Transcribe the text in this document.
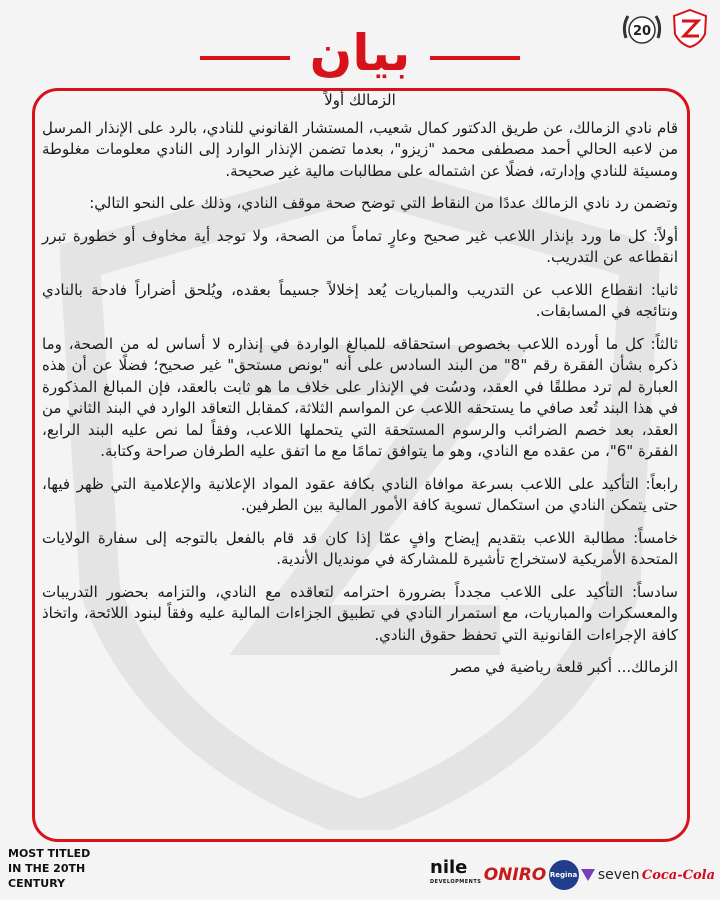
20
بيان

الزمالك أولاً

قام نادي الزمالك، عن طريق الدكتور كمال شعيب، المستشار القانوني للنادي، بالرد على الإنذار المرسل من لاعبه الحالي أحمد مصطفى محمد "زيزو"، بعدما تضمن الإنذار الوارد إلى النادي معلومات مغلوطة ومسيئة للنادي وإدارته، فضلًا عن اشتماله على مطالبات مالية غير صحيحة.

وتضمن رد نادي الزمالك عددًا من النقاط التي توضح صحة موقف النادي، وذلك على النحو التالي:

أولاً: كل ما ورد بإنذار اللاعب غير صحيح وعارٍ تماماً من الصحة، ولا توجد أية مخاوف أو خطورة تبرر انقطاعه عن التدريب.

ثانيا: انقطاع اللاعب عن التدريب والمباريات يُعد إخلالاً جسيماً بعقده، ويُلحق أضراراً فادحة بالنادي ونتائجه في المسابقات.

ثالثاً: كل ما أورده اللاعب بخصوص استحقاقه للمبالغ الواردة في إنذاره لا أساس له من الصحة، وما ذكره بشأن الفقرة رقم "8" من البند السادس على أنه "بونص مستحق" غير صحيح؛ فضلًا عن أن هذه العبارة لم ترد مطلقًا في العقد، ودسُت في الإنذار على خلاف ما هو ثابت بالعقد، فإن المبالغ المذكورة في هذا البند تُعد صافي ما يستحقه اللاعب عن المواسم الثلاثة، كمقابل التعاقد الوارد في البند الثاني من العقد، بعد خصم الضرائب والرسوم المستحقة التي يتحملها اللاعب، وفقاً لما نص عليه البند الرابع، الفقرة "6"، من عقده مع النادي، وهو ما يتوافق تمامًا مع ما اتفق عليه الطرفان صراحة وكتابة.

رابعاً: التأكيد على اللاعب بسرعة موافاة النادي بكافة عقود المواد الإعلانية والإعلامية التي ظهر فيها، حتى يتمكن النادي من استكمال تسوية كافة الأمور المالية بين الطرفين.

خامساً: مطالبة اللاعب بتقديم إيضاح وافٍ عمّا إذا كان قد قام بالفعل بالتوجه إلى سفارة الولايات المتحدة الأمريكية لاستخراج تأشيرة للمشاركة في مونديال الأندية.

سادساً: التأكيد على اللاعب مجدداً بضرورة احترامه لتعاقده مع النادي، والتزامه بحضور التدريبات والمعسكرات والمباريات، مع استمرار النادي في تطبيق الجزاءات المالية عليه وفقاً لبنود اللائحة، واتخاذ كافة الإجراءات القانونية التي تحفظ حقوق النادي.

الزمالك... أكبر قلعة رياضية في مصر

MOST TITLED
IN THE 20TH
CENTURY
nile
DEVELOPMENTS ONIRO Regina seven Coca-Cola
